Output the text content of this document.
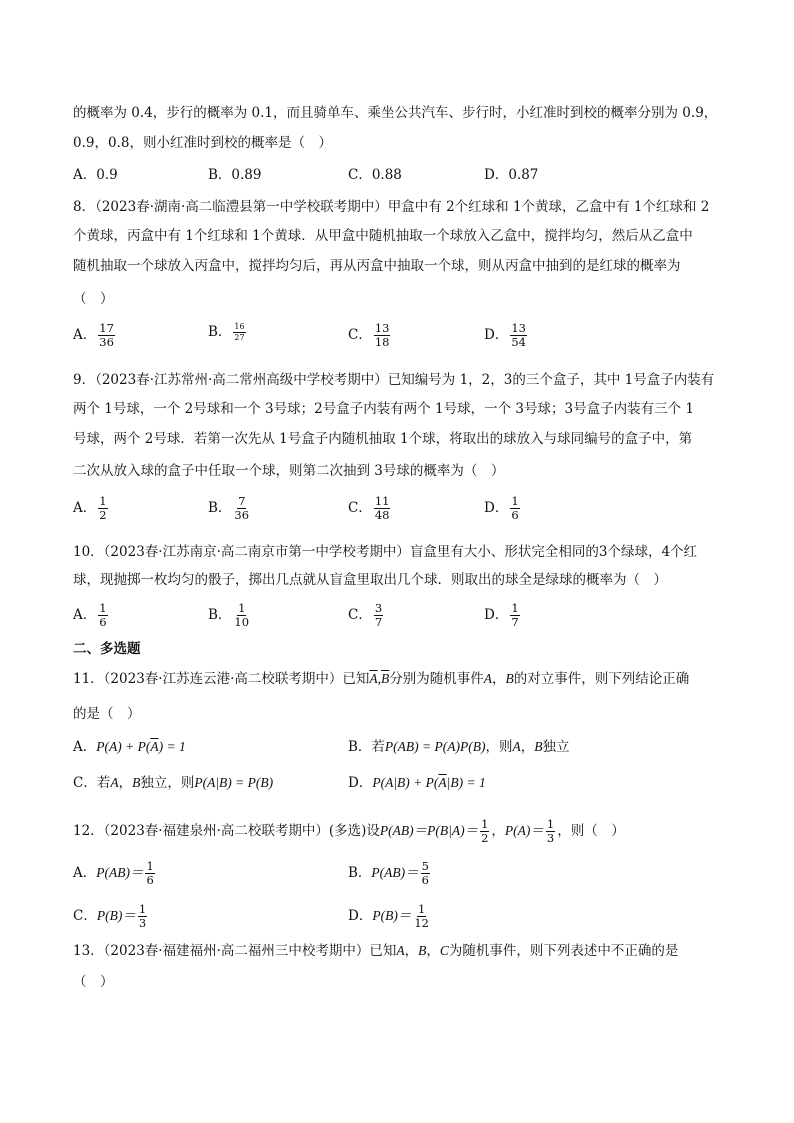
的概率为 0.4，步行的概率为 0.1，而且骑单车、乘坐公共汽车、步行时，小红准时到校的概率分别为 0.9，
0.9，0.8，则小红准时到校的概率是（　）
A．0.9	B．0.89	C．0.88	D．0.87
8．（2023春·湖南·高二临澧县第一中学校联考期中）甲盒中有 2个红球和 1个黄球，乙盒中有 1个红球和 2
个黄球，丙盒中有 1个红球和 1个黄球．从甲盒中随机抽取一个球放入乙盒中，搅拌均匀，然后从乙盒中
随机抽取一个球放入丙盒中，搅拌均匀后，再从丙盒中抽取一个球，则从丙盒中抽到的是红球的概率为
（　）
A． $\frac{17}{36}$	B． $\frac{16}{27}$	C． $\frac{13}{18}$	D． $\frac{13}{54}$
9．（2023春·江苏常州·高二常州高级中学校考期中）已知编号为 1，2，3的三个盒子，其中 1号盒子内装有
两个 1号球，一个 2号球和一个 3号球；2号盒子内装有两个 1号球，一个 3号球；3号盒子内装有三个 1
号球，两个 2号球．若第一次先从 1号盒子内随机抽取 1个球，将取出的球放入与球同编号的盒子中，第
二次从放入球的盒子中任取一个球，则第二次抽到 3号球的概率为（　）
A． $\frac{1}{2}$	B． $\frac{7}{36}$	C． $\frac{11}{48}$	D． $\frac{1}{6}$
10．（2023春·江苏南京·高二南京市第一中学校考期中）盲盒里有大小、形状完全相同的3个绿球，4个红
球，现抛掷一枚均匀的骰子，掷出几点就从盲盒里取出几个球．则取出的球全是绿球的概率为（　）
A． $\frac{1}{6}$	B． $\frac{1}{10}$	C． $\frac{3}{7}$	D． $\frac{1}{7}$
二、多选题
11．（2023春·江苏连云港·高二校联考期中）已知$\overline{A},\overline{B}$分别为随机事件A，B的对立事件，则下列结论正确
的是（　）
A．$P(A) + P(\overline{A}) = 1$	B．若P(AB) = P(A)P(B)，则A，B独立
C．若A，B独立，则P(A|B) = P(B)	D．$P(A|B) + P(\overline{A}|B) = 1$
12．（2023春·福建泉州·高二校联考期中）(多选)设$P(AB)=P(B|A)= \frac{1}{2}$ ，$P(A)= \frac{1}{3}$ ，则（　）
A．$P(AB)= \frac{1}{6}$	B．$P(AB)= \frac{5}{6}$
C．$P(B)= \frac{1}{3}$	D．$P(B)= \frac{1}{12}$
13．（2023春·福建福州·高二福州三中校考期中）已知A，B，C为随机事件，则下列表述中不正确的是
（　）
